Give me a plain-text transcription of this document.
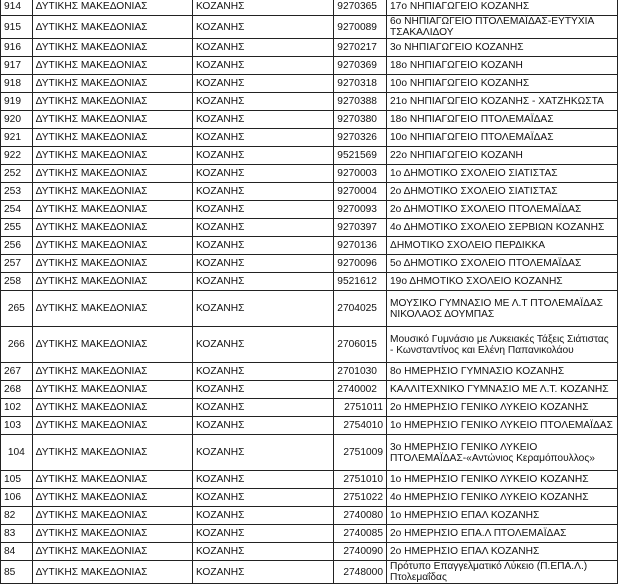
914	ΔΥΤΙΚΗΣ ΜΑΚΕΔΟΝΙΑΣ	ΚΟΖΑΝΗΣ	9270365	17ο ΝΗΠΙΑΓΩΓΕΙΟ ΚΟΖΑΝΗΣ
915	ΔΥΤΙΚΗΣ ΜΑΚΕΔΟΝΙΑΣ	ΚΟΖΑΝΗΣ	9270089	6ο ΝΗΠΙΑΓΩΓΕΙΟ ΠΤΟΛΕΜΑΪΔΑΣ-ΕΥΤΥΧΙΑ ΤΣΑΚΑΛΙΔΟΥ
916	ΔΥΤΙΚΗΣ ΜΑΚΕΔΟΝΙΑΣ	ΚΟΖΑΝΗΣ	9270217	3ο ΝΗΠΙΑΓΩΓΕΙΟ ΚΟΖΑΝΗΣ
917	ΔΥΤΙΚΗΣ ΜΑΚΕΔΟΝΙΑΣ	ΚΟΖΑΝΗΣ	9270369	18ο ΝΗΠΙΑΓΩΓΕΙΟ ΚΟΖΑΝΗ
918	ΔΥΤΙΚΗΣ ΜΑΚΕΔΟΝΙΑΣ	ΚΟΖΑΝΗΣ	9270318	10ο ΝΗΠΙΑΓΩΓΕΙΟ ΚΟΖΑΝΗΣ
919	ΔΥΤΙΚΗΣ ΜΑΚΕΔΟΝΙΑΣ	ΚΟΖΑΝΗΣ	9270388	21ο ΝΗΠΙΑΓΩΓΕΙΟ ΚΟΖΑΝΗΣ - ΧΑΤΖΗΚΩΣΤΑ
920	ΔΥΤΙΚΗΣ ΜΑΚΕΔΟΝΙΑΣ	ΚΟΖΑΝΗΣ	9270380	18ο ΝΗΠΙΑΓΩΓΕΙΟ ΠΤΟΛΕΜΑΪΔΑΣ
921	ΔΥΤΙΚΗΣ ΜΑΚΕΔΟΝΙΑΣ	ΚΟΖΑΝΗΣ	9270326	10ο ΝΗΠΙΑΓΩΓΕΙΟ ΠΤΟΛΕΜΑΪΔΑΣ
922	ΔΥΤΙΚΗΣ ΜΑΚΕΔΟΝΙΑΣ	ΚΟΖΑΝΗΣ	9521569	22ο ΝΗΠΙΑΓΩΓΕΙΟ ΚΟΖΑΝΗ
252	ΔΥΤΙΚΗΣ ΜΑΚΕΔΟΝΙΑΣ	ΚΟΖΑΝΗΣ	9270003	1ο ΔΗΜΟΤΙΚΟ ΣΧΟΛΕΙΟ ΣΙΑΤΙΣΤΑΣ
253	ΔΥΤΙΚΗΣ ΜΑΚΕΔΟΝΙΑΣ	ΚΟΖΑΝΗΣ	9270004	2ο ΔΗΜΟΤΙΚΟ ΣΧΟΛΕΙΟ ΣΙΑΤΙΣΤΑΣ
254	ΔΥΤΙΚΗΣ ΜΑΚΕΔΟΝΙΑΣ	ΚΟΖΑΝΗΣ	9270093	2ο ΔΗΜΟΤΙΚΟ ΣΧΟΛΕΙΟ ΠΤΟΛΕΜΑΪΔΑΣ
255	ΔΥΤΙΚΗΣ ΜΑΚΕΔΟΝΙΑΣ	ΚΟΖΑΝΗΣ	9270397	4ο ΔΗΜΟΤΙΚΟ ΣΧΟΛΕΙΟ ΣΕΡΒΙΩΝ ΚΟΖΑΝΗΣ
256	ΔΥΤΙΚΗΣ ΜΑΚΕΔΟΝΙΑΣ	ΚΟΖΑΝΗΣ	9270136	ΔΗΜΟΤΙΚΟ ΣΧΟΛΕΙΟ ΠΕΡΔΙΚΚΑ
257	ΔΥΤΙΚΗΣ ΜΑΚΕΔΟΝΙΑΣ	ΚΟΖΑΝΗΣ	9270096	5ο ΔΗΜΟΤΙΚΟ ΣΧΟΛΕΙΟ ΠΤΟΛΕΜΑΪΔΑΣ
258	ΔΥΤΙΚΗΣ ΜΑΚΕΔΟΝΙΑΣ	ΚΟΖΑΝΗΣ	9521612	19ο ΔΗΜΟΤΙΚΟ ΣΧΟΛΕΙΟ ΚΟΖΑΝΗΣ
265	ΔΥΤΙΚΗΣ ΜΑΚΕΔΟΝΙΑΣ	ΚΟΖΑΝΗΣ	2704025	ΜΟΥΣΙΚΟ ΓΥΜΝΑΣΙΟ ΜΕ Λ.Τ ΠΤΟΛΕΜΑΪΔΑΣ ΝΙΚΟΛΑΟΣ ΔΟΥΜΠΑΣ
266	ΔΥΤΙΚΗΣ ΜΑΚΕΔΟΝΙΑΣ	ΚΟΖΑΝΗΣ	2706015	Μουσικό Γυμνάσιο με Λυκειακές Τάξεις Σιάτιστας - Κωνσταντίνος και Ελένη Παπανικολάου
267	ΔΥΤΙΚΗΣ ΜΑΚΕΔΟΝΙΑΣ	ΚΟΖΑΝΗΣ	2701030	8ο ΗΜΕΡΗΣΙΟ ΓΥΜΝΑΣΙΟ ΚΟΖΑΝΗΣ
268	ΔΥΤΙΚΗΣ ΜΑΚΕΔΟΝΙΑΣ	ΚΟΖΑΝΗΣ	2740002	ΚΑΛΛΙΤΕΧΝΙΚΟ ΓΥΜΝΑΣΙΟ ΜΕ Λ.Τ. ΚΟΖΑΝΗΣ
102	ΔΥΤΙΚΗΣ ΜΑΚΕΔΟΝΙΑΣ	ΚΟΖΑΝΗΣ	2751011	2ο ΗΜΕΡΗΣΙΟ ΓΕΝΙΚΟ ΛΥΚΕΙΟ ΚΟΖΑΝΗΣ
103	ΔΥΤΙΚΗΣ ΜΑΚΕΔΟΝΙΑΣ	ΚΟΖΑΝΗΣ	2754010	1ο ΗΜΕΡΗΣΙΟ ΓΕΝΙΚΟ ΛΥΚΕΙΟ ΠΤΟΛΕΜΑΪΔΑΣ
104	ΔΥΤΙΚΗΣ ΜΑΚΕΔΟΝΙΑΣ	ΚΟΖΑΝΗΣ	2751009	3ο ΗΜΕΡΗΣΙΟ ΓΕΝΙΚΟ ΛΥΚΕΙΟ ΠΤΟΛΕΜΑΪΔΑΣ-«Αντώνιος Κεραμόπουλλος»
105	ΔΥΤΙΚΗΣ ΜΑΚΕΔΟΝΙΑΣ	ΚΟΖΑΝΗΣ	2751010	1ο ΗΜΕΡΗΣΙΟ ΓΕΝΙΚΟ ΛΥΚΕΙΟ ΚΟΖΑΝΗΣ
106	ΔΥΤΙΚΗΣ ΜΑΚΕΔΟΝΙΑΣ	ΚΟΖΑΝΗΣ	2751022	4ο ΗΜΕΡΗΣΙΟ ΓΕΝΙΚΟ ΛΥΚΕΙΟ ΚΟΖΑΝΗΣ
82	ΔΥΤΙΚΗΣ ΜΑΚΕΔΟΝΙΑΣ	ΚΟΖΑΝΗΣ	2740080	1ο ΗΜΕΡΗΣΙΟ ΕΠΑΛ ΚΟΖΑΝΗΣ
83	ΔΥΤΙΚΗΣ ΜΑΚΕΔΟΝΙΑΣ	ΚΟΖΑΝΗΣ	2740085	2ο ΗΜΕΡΗΣΙΟ ΕΠΑ.Λ ΠΤΟΛΕΜΑΪΔΑΣ
84	ΔΥΤΙΚΗΣ ΜΑΚΕΔΟΝΙΑΣ	ΚΟΖΑΝΗΣ	2740090	2ο ΗΜΕΡΗΣΙΟ ΕΠΑΛ ΚΟΖΑΝΗΣ
85	ΔΥΤΙΚΗΣ ΜΑΚΕΔΟΝΙΑΣ	ΚΟΖΑΝΗΣ	2748000	Πρότυπο Επαγγελματικό Λύκειο (Π.ΕΠΑ.Λ.) Πτολεμαΐδας
